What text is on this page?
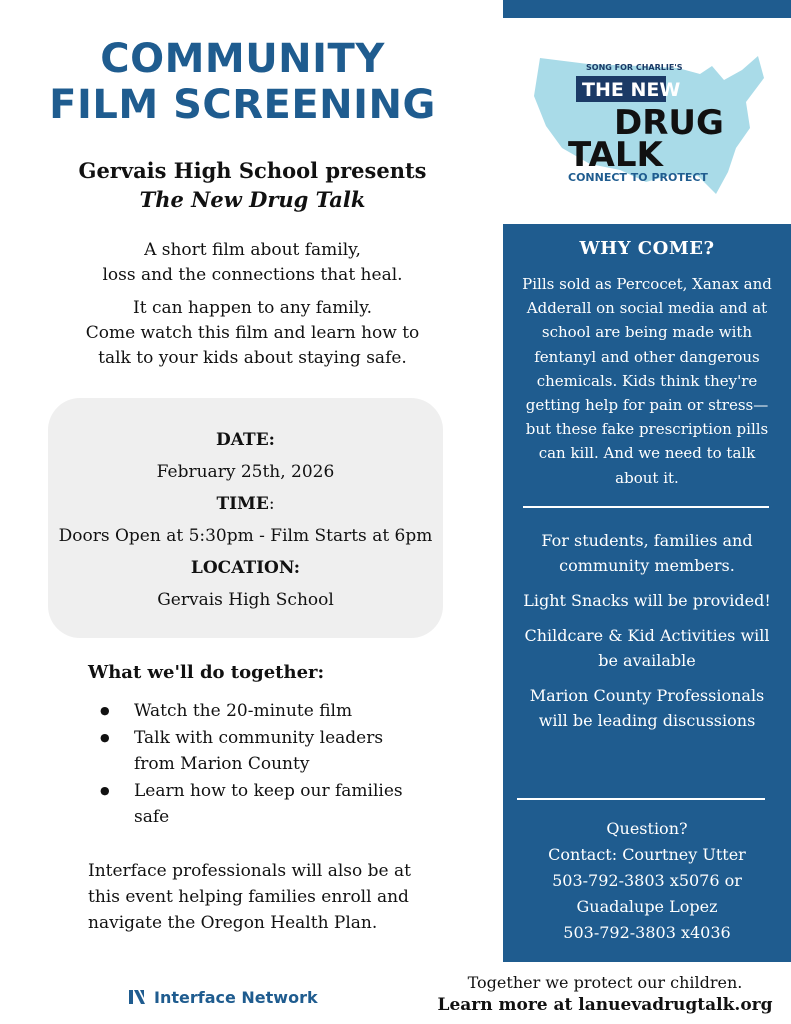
COMMUNITY
FILM SCREENING
Gervais High School presents
The New Drug Talk

A short film about family,
loss and the connections that heal.

It can happen to any family.
Come watch this film and learn how to
talk to your kids about staying safe.

DATE:
February 25th, 2026
TIME:
Doors Open at 5:30pm - Film Starts at 6pm
LOCATION:
Gervais High School
What we'll do together:
● Watch the 20-minute film
● Talk with community leaders from Marion County
● Learn how to keep our families safe
Interface professionals will also be at this event helping families enroll and navigate the Oregon Health Plan.
SONG FOR CHARLIE'S
THE NEW
DRUG
TALK
CONNECT TO PROTECT
WHY COME?
Pills sold as Percocet, Xanax and Adderall on social media and at school are being made with fentanyl and other dangerous chemicals. Kids think they're getting help for pain or stress—but these fake prescription pills can kill. And we need to talk about it.

For students, families and community members.

Light Snacks will be provided!

Childcare & Kid Activities will be available

Marion County Professionals will be leading discussions

Question?
Contact: Courtney Utter
503-792-3803 x5076 or
Guadalupe Lopez
503-792-3803 x4036
Interface Network
Together we protect our children.
Learn more at lanuevadrugtalk.org
